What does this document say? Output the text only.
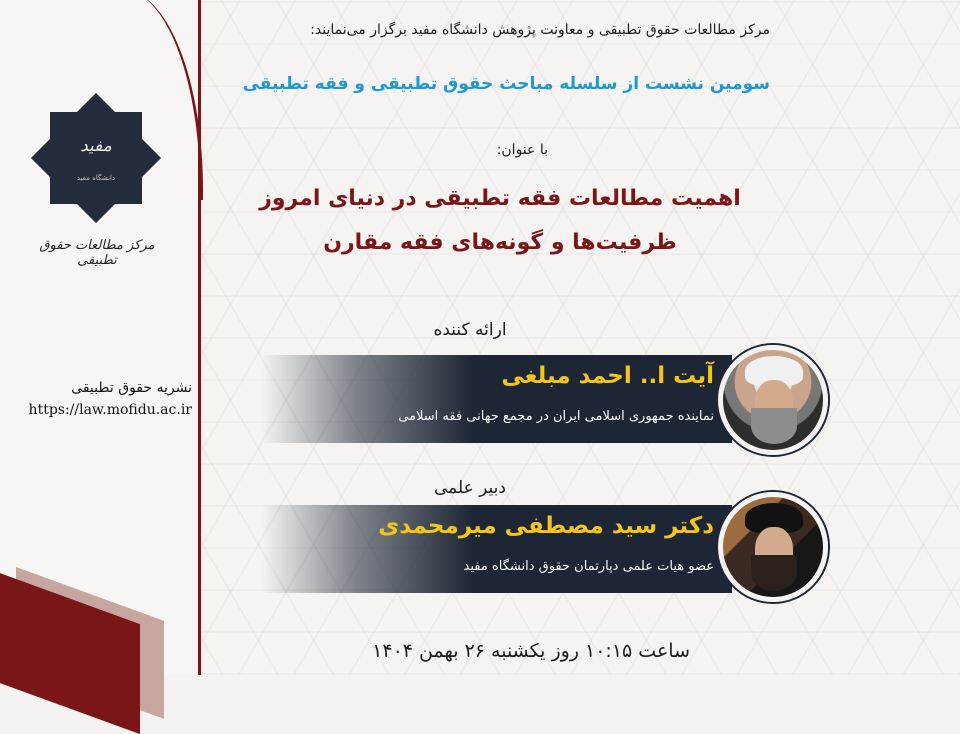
مفید
دانشگاه مفید
مرکز مطالعات حقوق تطبیقی
نشریه حقوق تطبیقی
https://law.mofidu.ac.ir
مرکز مطالعات حقوق تطبیقی و معاونت پژوهش دانشگاه مفید برگزار می‌نمایند:
سومین نشست از سلسله مباحث حقوق تطبیقی و فقه تطبیقی
با عنوان:
اهمیت مطالعات فقه تطبیقی در دنیای امروز
ظرفیت‌ها و گونه‌های فقه مقارن
ارائه کننده
آیت ا.. احمد مبلغی
نماینده جمهوری اسلامی ایران در مجمع جهانی فقه اسلامی
دبیر علمی
دکتر سید مصطفی میرمحمدی
عضو هیات علمی دپارتمان حقوق دانشگاه مفید
ساعت ۱۰:۱۵ روز یکشنبه ۲۶ بهمن ۱۴۰۴
